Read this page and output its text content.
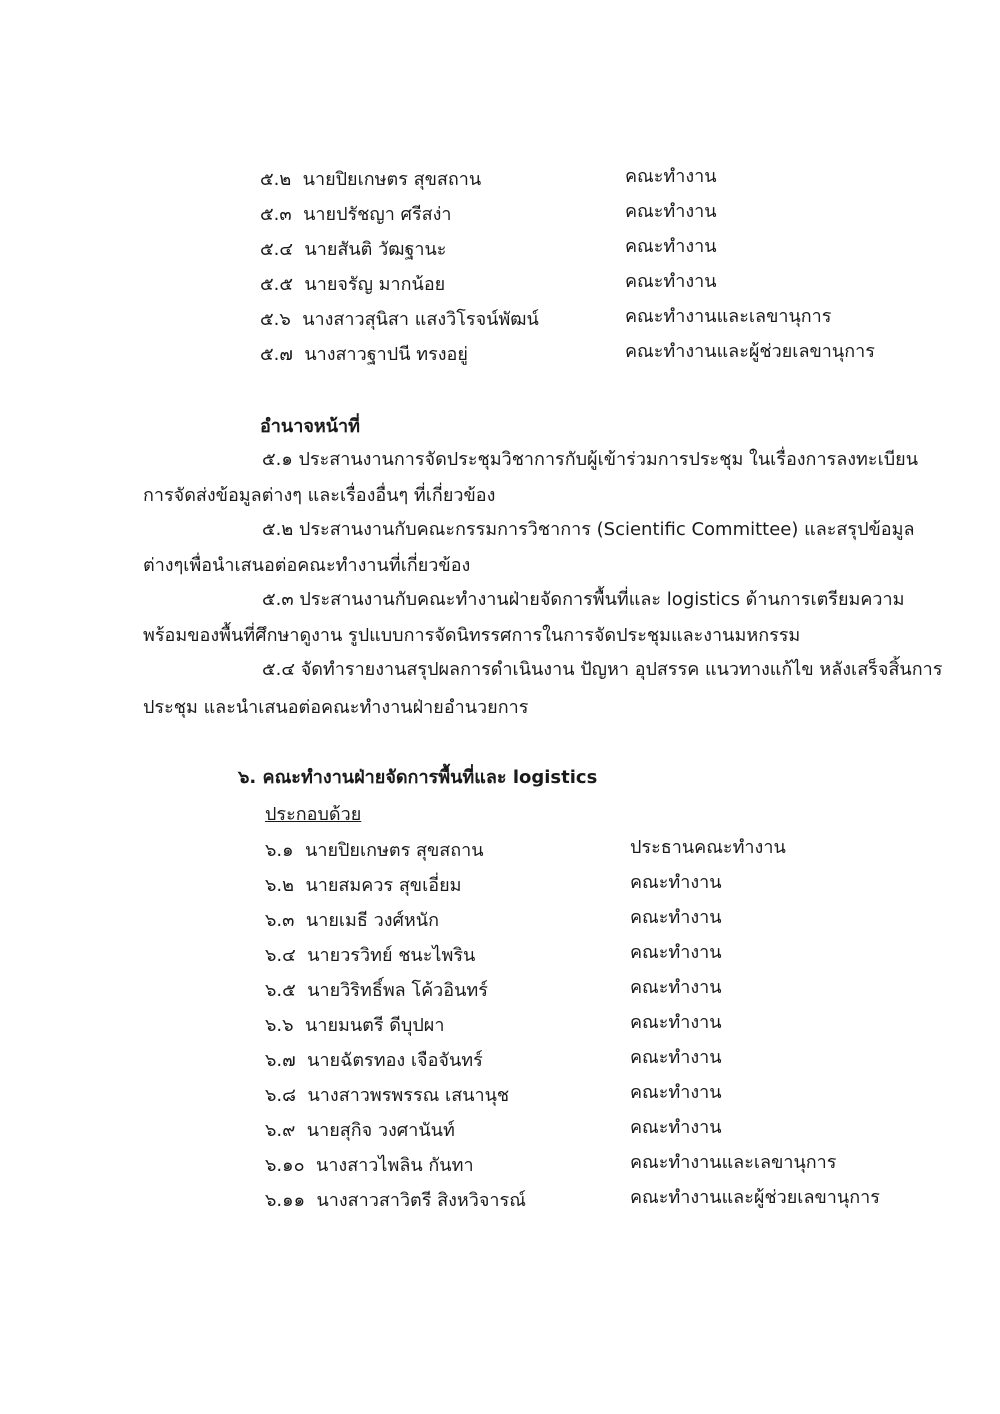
๕.๒ นายปิยเกษตร สุขสถาน	คณะทำงาน
๕.๓ นายปรัชญา ศรีสง่า	คณะทำงาน
๕.๔ นายสันติ วัฒฐานะ	คณะทำงาน
๕.๕ นายจรัญ มากน้อย	คณะทำงาน
๕.๖ นางสาวสุนิสา แสงวิโรจน์พัฒน์	คณะทำงานและเลขานุการ
๕.๗ นางสาวฐาปนี ทรงอยู่	คณะทำงานและผู้ช่วยเลขานุการ
อำนาจหน้าที่
๕.๑ ประสานงานการจัดประชุมวิชาการกับผู้เข้าร่วมการประชุม ในเรื่องการลงทะเบียน
การจัดส่งข้อมูลต่างๆ และเรื่องอื่นๆ ที่เกี่ยวข้อง
๕.๒ ประสานงานกับคณะกรรมการวิชาการ (Scientific Committee) และสรุปข้อมูล
ต่างๆเพื่อนำเสนอต่อคณะทำงานที่เกี่ยวข้อง
๕.๓ ประสานงานกับคณะทำงานฝ่ายจัดการพื้นที่และ logistics ด้านการเตรียมความ
พร้อมของพื้นที่ศึกษาดูงาน รูปแบบการจัดนิทรรศการในการจัดประชุมและงานมหกรรม
๕.๔ จัดทำรายงานสรุปผลการดำเนินงาน ปัญหา อุปสรรค แนวทางแก้ไข หลังเสร็จสิ้นการ
ประชุม และนำเสนอต่อคณะทำงานฝ่ายอำนวยการ
๖. คณะทำงานฝ่ายจัดการพื้นที่และ logistics
ประกอบด้วย
๖.๑ นายปิยเกษตร สุขสถาน	ประธานคณะทำงาน
๖.๒ นายสมควร สุขเอี่ยม	คณะทำงาน
๖.๓ นายเมธี วงศ์หนัก	คณะทำงาน
๖.๔ นายวรวิทย์ ชนะไพริน	คณะทำงาน
๖.๕ นายวิริทธิ์พล โค้วอินทร์	คณะทำงาน
๖.๖ นายมนตรี ดีบุปผา	คณะทำงาน
๖.๗ นายฉัตรทอง เจือจันทร์	คณะทำงาน
๖.๘ นางสาวพรพรรณ เสนานุช	คณะทำงาน
๖.๙ นายสุกิจ วงศานันท์	คณะทำงาน
๖.๑๐ นางสาวไพลิน กันทา	คณะทำงานและเลขานุการ
๖.๑๑ นางสาวสาวิตรี สิงหวิจารณ์	คณะทำงานและผู้ช่วยเลขานุการ
